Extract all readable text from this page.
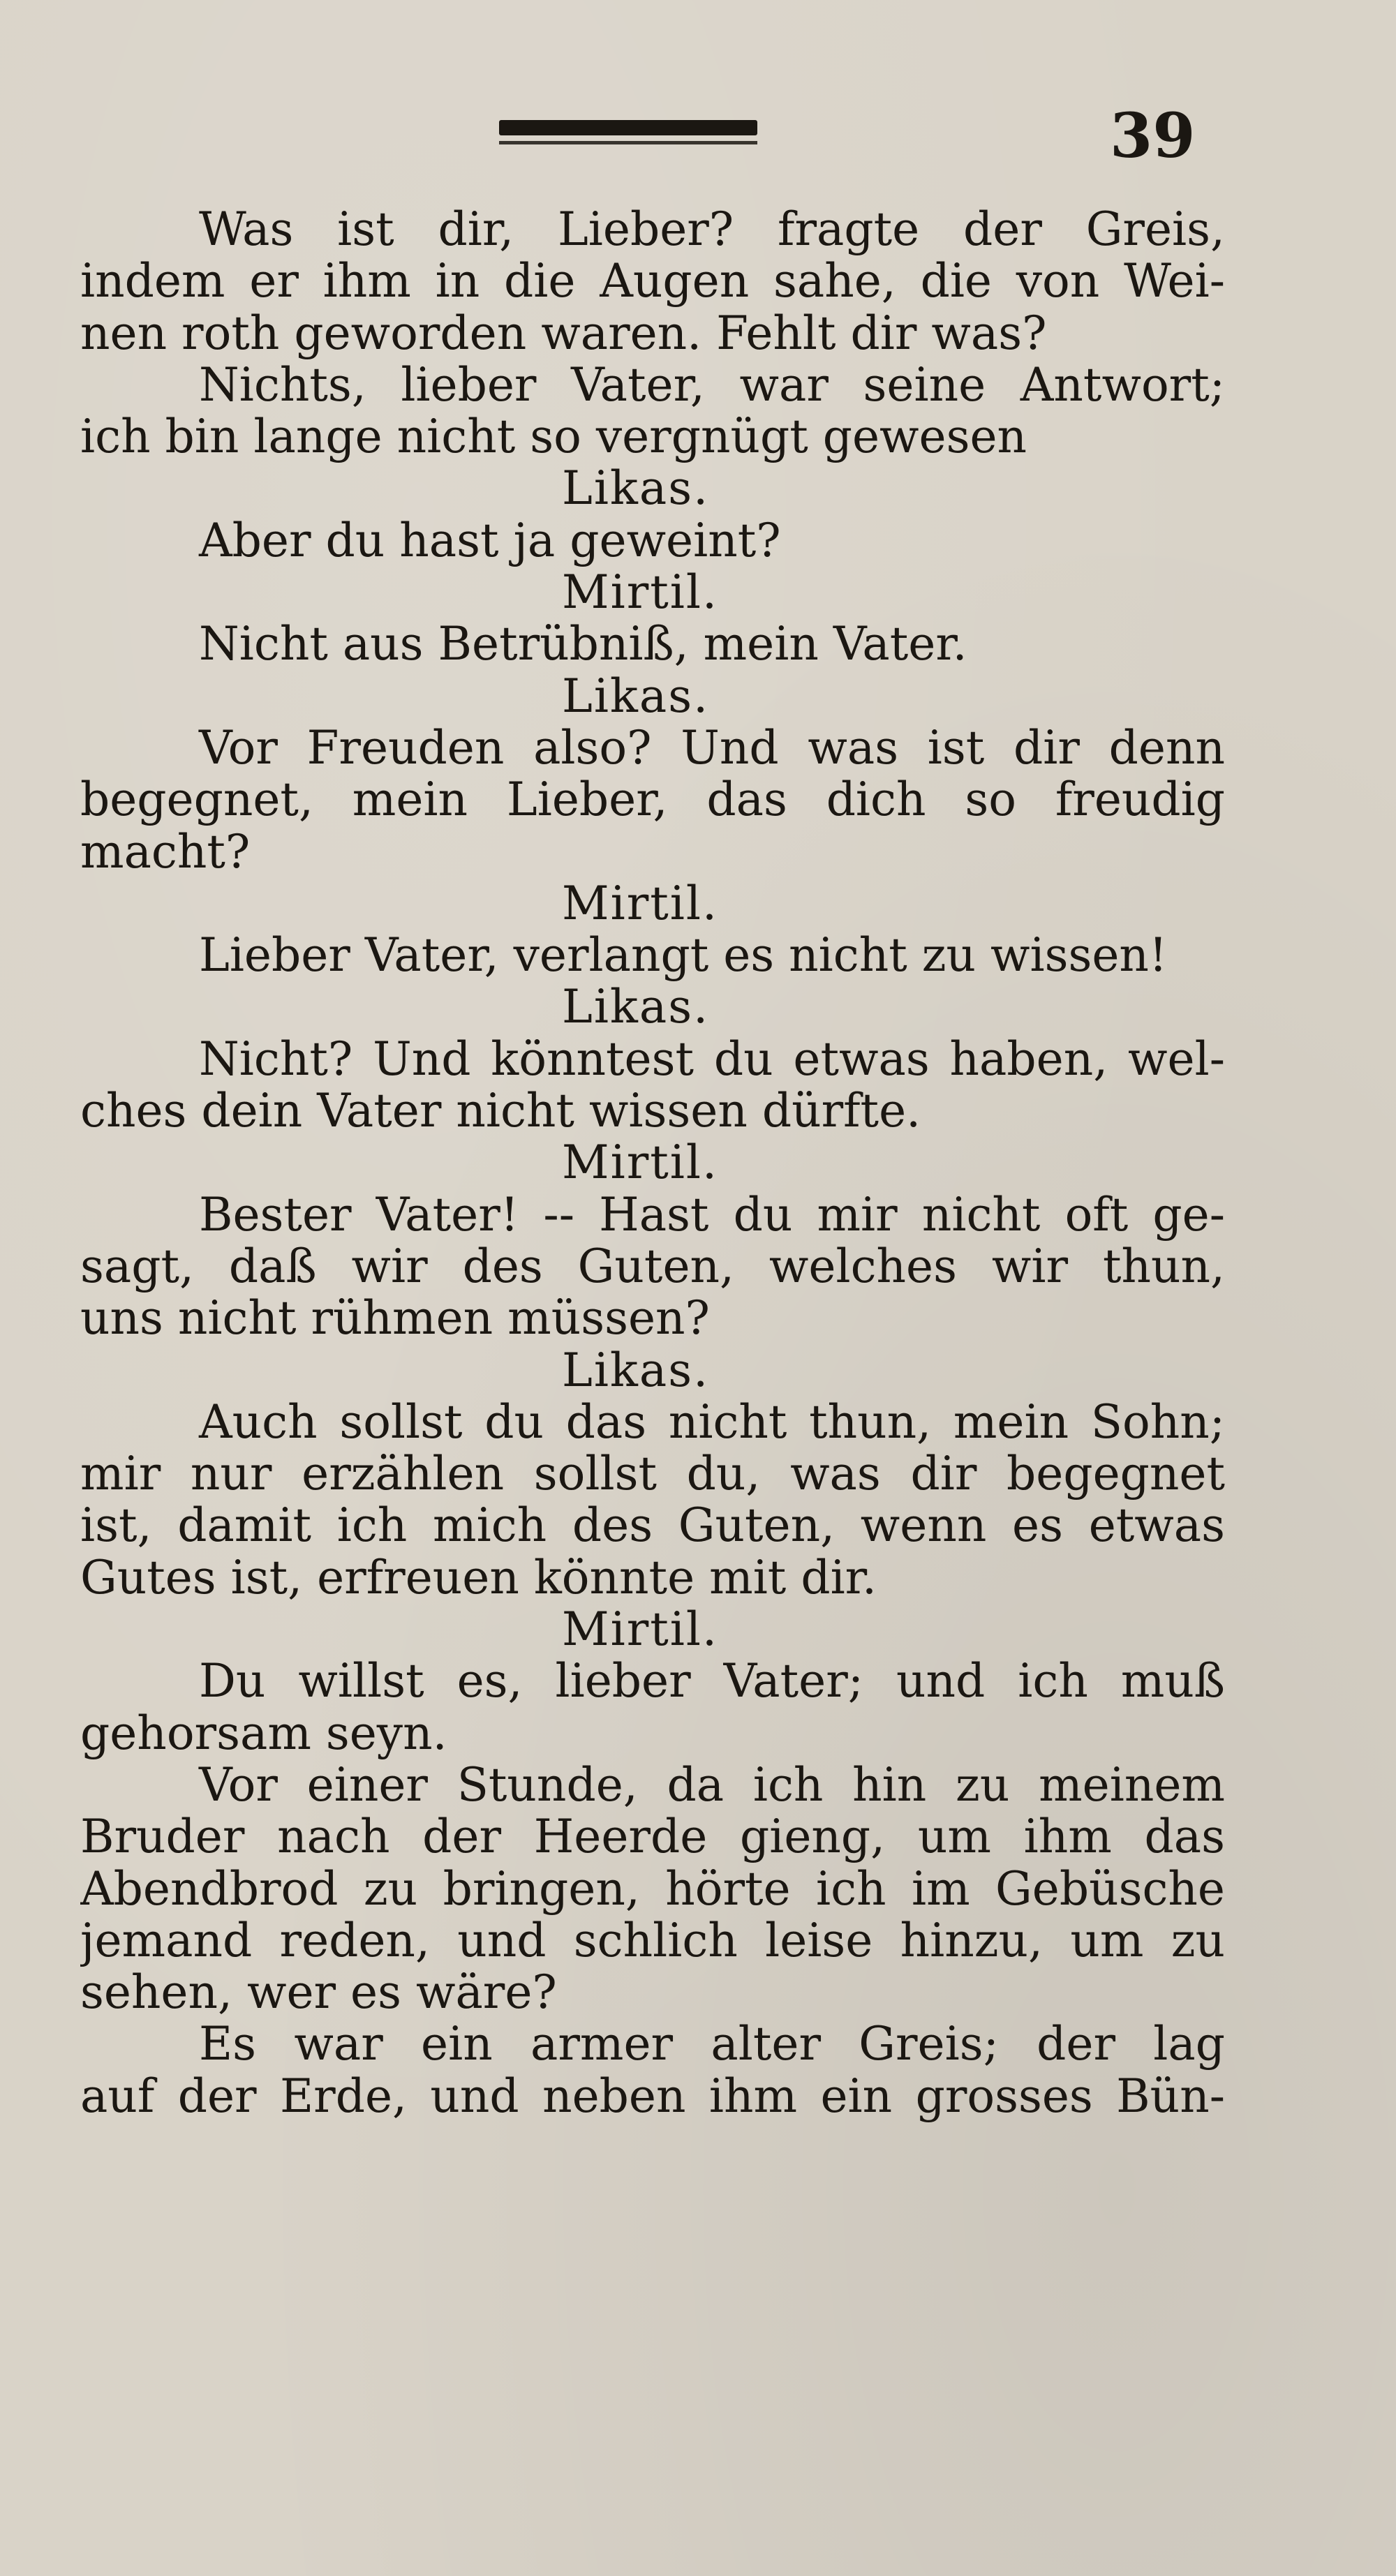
39
Was ist dir, Lieber? fragte der Greis,
indem er ihm in die Augen sahe, die von Wei-
nen roth geworden waren. Fehlt dir was?
Nichts, lieber Vater, war seine Antwort;
ich bin lange nicht so vergnügt gewesen
Likas.
Aber du hast ja geweint?
Mirtil.
Nicht aus Betrübniß, mein Vater.
Likas.
Vor Freuden also? Und was ist dir denn
begegnet, mein Lieber, das dich so freudig
macht?
Mirtil.
Lieber Vater, verlangt es nicht zu wissen!
Likas.
Nicht? Und könntest du etwas haben, wel-
ches dein Vater nicht wissen dürfte.
Mirtil.
Bester Vater! -- Hast du mir nicht oft ge-
sagt, daß wir des Guten, welches wir thun,
uns nicht rühmen müssen?
Likas.
Auch sollst du das nicht thun, mein Sohn;
mir nur erzählen sollst du, was dir begegnet
ist, damit ich mich des Guten, wenn es etwas
Gutes ist, erfreuen könnte mit dir.
Mirtil.
Du willst es, lieber Vater; und ich muß
gehorsam seyn.
Vor einer Stunde, da ich hin zu meinem
Bruder nach der Heerde gieng, um ihm das
Abendbrod zu bringen, hörte ich im Gebüsche
jemand reden, und schlich leise hinzu, um zu
sehen, wer es wäre?
Es war ein armer alter Greis; der lag
auf der Erde, und neben ihm ein grosses Bün-
